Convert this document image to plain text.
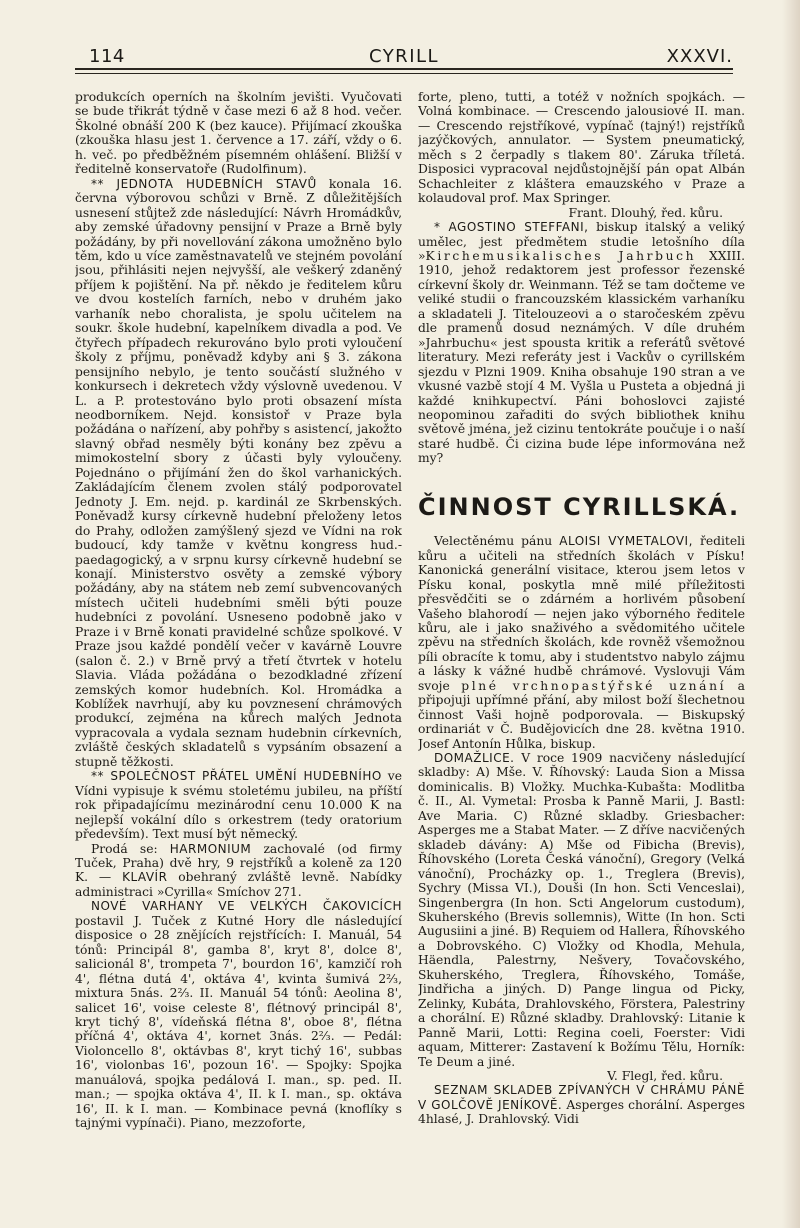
CYRILL
114	XXXVI.

produkcích operních na školním jevišti. Vyučovati se bude třikrát týdně v čase mezi 6 až 8 hod. večer. Školné obnáší 200 K (bez kauce). Přijímací zkouška (zkouška hlasu jest 1. července a 17. září, vždy o 6. h. več. po předběžném písemném ohlášení. Bližší v ředitelně konservatoře (Rudolfinum).

** JEDNOTA HUDEBNÍCH STAVŮ konala 16. června výborovou schůzi v Brně. Z důležitějších usnesení stůjtež zde následující: Návrh Hromádkův, aby zemské úřadovny pensijní v Praze a Brně byly požádány, by při novellování zákona umožněno bylo těm, kdo u více zaměstnavatelů ve stejném povolání jsou, přihlásiti nejen nejvyšší, ale veškerý zdaněný příjem k pojištění. Na př. někdo je ředitelem kůru ve dvou kostelích farních, nebo v druhém jako varhaník nebo choralista, je spolu učitelem na soukr. škole hudební, kapelníkem divadla a pod. Ve čtyřech případech rekurováno bylo proti vyloučení školy z příjmu, poněvadž kdyby ani § 3. zákona pensijního nebylo, je tento součástí služného v konkursech i dekretech vždy výslovně uvedenou. V L. a P. protestováno bylo proti obsazení místa neodborníkem. Nejd. konsistoř v Praze byla požádána o nařízení, aby pohřby s asistencí, jakožto slavný obřad nesměly býti konány bez zpěvu a mimokostelní sbory z účasti byly vyloučeny. Pojednáno o přijímání žen do škol varhanických. Zakládajícím členem zvolen stálý podporovatel Jednoty J. Em. nejd. p. kardinál ze Skrbenských. Poněvadž kursy církevně hudební přeloženy letos do Prahy, odložen zamýšlený sjezd ve Vídni na rok budoucí, kdy tamže v květnu kongress hud.-paedagogický, a v srpnu kursy církevně hudební se konají. Ministerstvo osvěty a zemské výbory požádány, aby na státem neb zemí subvencovaných místech učiteli hudebními směli býti pouze hudebníci z povolání. Usneseno podobně jako v Praze i v Brně konati pravidelné schůze spolkové. V Praze jsou každé pondělí večer v kavárně Louvre (salon č. 2.) v Brně prvý a třetí čtvrtek v hotelu Slavia. Vláda požádána o bezodkladné zřízení zemských komor hudebních. Kol. Hromádka a Koblížek navrhují, aby ku povznesení chrámových produkcí, zejména na kůrech malých Jednota vypracovala a vydala seznam hudebnin církevních, zvláště českých skladatelů s vypsáním obsazení a stupně těžkosti.

** SPOLEČNOST PŘÁTEL UMĚNÍ HUDEBNÍHO ve Vídni vypisuje k svému stoletému jubileu, na příští rok připadajícímu mezinárodní cenu 10.000 K na nejlepší vokální dílo s orkestrem (tedy oratorium především). Text musí být německý.

Prodá se: HARMONIUM zachovalé (od firmy Tuček, Praha) dvě hry, 9 rejstříků a koleně za 120 K. — KLAVÍR obehraný zvláště levně. Nabídky administraci »Cyrilla« Smíchov 271.

NOVÉ VARHANY VE VELKÝCH ČAKOVICÍCH postavil J. Tuček z Kutné Hory dle následující disposice o 28 znějících rejstřících: I. Manuál, 54 tónů: Principál 8', gamba 8', kryt 8', dolce 8', salicionál 8', trompeta 7', bourdon 16', kamzičí roh 4', flétna dutá 4', oktáva 4', kvinta šumivá 2⅔, mixtura 5nás. 2⅔. II. Manuál 54 tónů: Aeolina 8', salicet 16', voise celeste 8', flétnový principál 8', kryt tichý 8', vídeňská flétna 8', oboe 8', flétna příčná 4', oktáva 4', kornet 3nás. 2⅔. — Pedál: Violoncello 8', oktávbas 8', kryt tichý 16', subbas 16', violonbas 16', pozoun 16'. — Spojky: Spojka manuálová, spojka pedálová I. man., sp. ped. II. man.; — spojka oktáva 4', II. k I. man., sp. oktáva 16', II. k I. man. — Kombinace pevná (knoflíky s tajnými vypínači). Piano, mezzoforte,

forte, pleno, tutti, a totéž v nožních spojkách. — Volná kombinace. — Crescendo jalousiové II. man. — Crescendo rejstříkové, vypínač (tajný!) rejstříků jazýčkových, annulator. — System pneumatický, měch s 2 čerpadly s tlakem 80'. Záruka tříletá. Disposici vypracoval nejdůstojnější pán opat Albán Schachleiter z kláštera emauzského v Praze a kolaudoval prof. Max Springer.

Frant. Dlouhý, řed. kůru.

* AGOSTINO STEFFANI, biskup italský a veliký umělec, jest předmětem studie letošního díla »Kirchemusikalisches Jahrbuch XXIII. 1910, jehož redaktorem jest professor řezenské církevní školy dr. Weinmann. Též se tam dočteme ve veliké studii o francouzském klassickém varhaníku a skladateli J. Titelouzeovi a o staročeském zpěvu dle pramenů dosud neznámých. V díle druhém »Jahrbuchu« jest spousta kritik a referátů světové literatury. Mezi referáty jest i Vackův o cyrillském sjezdu v Plzni 1909. Kniha obsahuje 190 stran a ve vkusné vazbě stojí 4 M. Vyšla u Pusteta a objedná ji každé knihkupectví. Páni bohoslovci zajisté neopominou zařaditi do svých bibliothek knihu světově jména, jež cizinu tentokráte poučuje i o naší staré hudbě. Či cizina bude lépe informována než my?

ČINNOST CYRILLSKÁ.

Velectěnému pánu ALOISI VYMETALOVI, řediteli kůru a učiteli na středních školách v Písku! Kanonická generální visitace, kterou jsem letos v Písku konal, poskytla mně milé příležitosti přesvědčiti se o zdárném a horlivém působení Vašeho blahorodí — nejen jako výborného ředitele kůru, ale i jako snaživého a svědomitého učitele zpěvu na středních školách, kde rovněž všemožnou píli obracíte k tomu, aby i studentstvo nabylo zájmu a lásky k vážné hudbě chrámové. Vyslovuji Vám svoje plné vrchnopastýřské uznání a připojuji upřímné přání, aby milost boží šlechetnou činnost Vaši hojně podporovala. — Biskupský ordinariát v Č. Budějovicích dne 28. května 1910. Josef Antonín Hůlka, biskup.

DOMAŽLICE. V roce 1909 nacvičeny následující skladby: A) Mše. V. Říhovský: Lauda Sion a Missa dominicalis. B) Vložky. Muchka-Kubašta: Modlitba č. II., Al. Vymetal: Prosba k Panně Marii, J. Bastl: Ave Maria. C) Různé skladby. Griesbacher: Asperges me a Stabat Mater. — Z dříve nacvičených skladeb dávány: A) Mše od Fibicha (Brevis), Říhovského (Loreta Česká vánoční), Gregory (Velká vánoční), Procházky op. 1., Treglera (Brevis), Sychry (Missa VI.), Douši (In hon. Scti Venceslai), Singenbergra (In hon. Scti Angelorum custodum), Skuherského (Brevis sollemnis), Witte (In hon. Scti Augusiini a jiné. B) Requiem od Hallera, Říhovského a Dobrovského. C) Vložky od Khodla, Mehula, Häendla, Palestrny, Nešvery, Tovačovského, Skuherského, Treglera, Říhovského, Tomáše, Jindřicha a jiných. D) Pange lingua od Picky, Zelinky, Kubáta, Drahlovského, Förstera, Palestriny a chorální. E) Různé skladby. Drahlovský: Litanie k Panně Marii, Lotti: Regina coeli, Foerster: Vidi aquam, Mitterer: Zastavení k Božímu Tělu, Horník: Te Deum a jiné.

V. Flegl, řed. kůru.

SEZNAM SKLADEB ZPÍVANÝCH V CHRÁMU PÁNĚ V GOLČOVĚ JENÍKOVĚ. Asperges chorální. Asperges 4hlasé, J. Drahlovský. Vidi
